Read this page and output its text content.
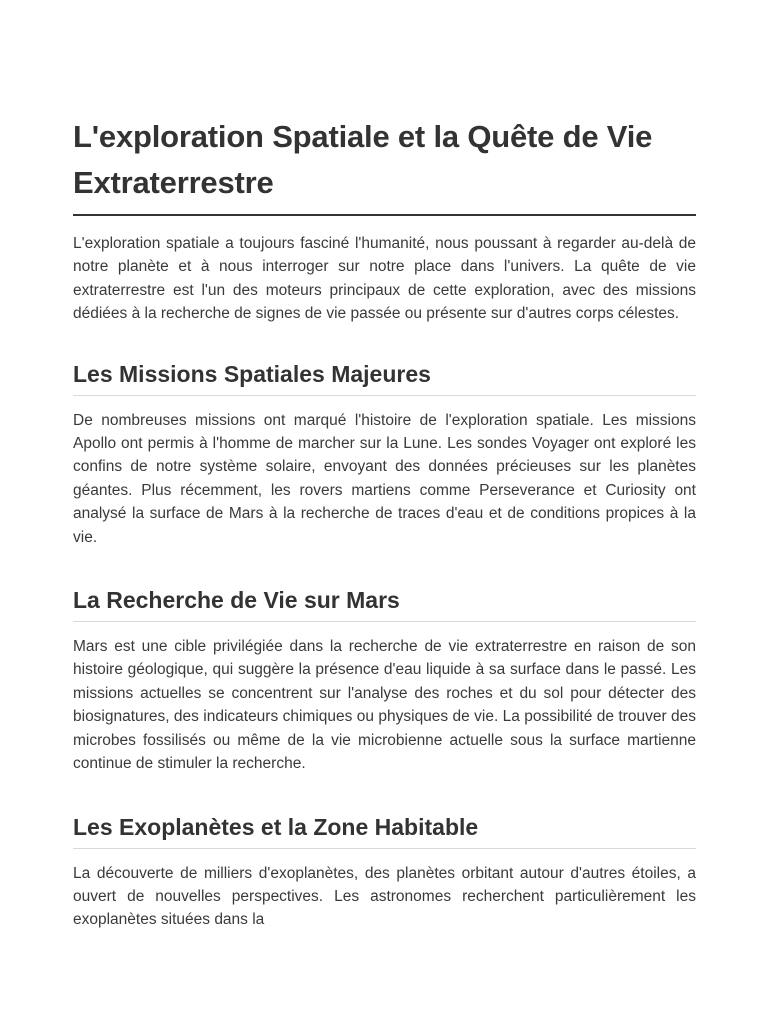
L'exploration Spatiale et la Quête de Vie Extraterrestre

L'exploration spatiale a toujours fasciné l'humanité, nous poussant à regarder au-delà de notre planète et à nous interroger sur notre place dans l'univers. La quête de vie extraterrestre est l'un des moteurs principaux de cette exploration, avec des missions dédiées à la recherche de signes de vie passée ou présente sur d'autres corps célestes.

Les Missions Spatiales Majeures

De nombreuses missions ont marqué l'histoire de l'exploration spatiale. Les missions Apollo ont permis à l'homme de marcher sur la Lune. Les sondes Voyager ont exploré les confins de notre système solaire, envoyant des données précieuses sur les planètes géantes. Plus récemment, les rovers martiens comme Perseverance et Curiosity ont analysé la surface de Mars à la recherche de traces d'eau et de conditions propices à la vie.

La Recherche de Vie sur Mars

Mars est une cible privilégiée dans la recherche de vie extraterrestre en raison de son histoire géologique, qui suggère la présence d'eau liquide à sa surface dans le passé. Les missions actuelles se concentrent sur l'analyse des roches et du sol pour détecter des biosignatures, des indicateurs chimiques ou physiques de vie. La possibilité de trouver des microbes fossilisés ou même de la vie microbienne actuelle sous la surface martienne continue de stimuler la recherche.

Les Exoplanètes et la Zone Habitable

La découverte de milliers d'exoplanètes, des planètes orbitant autour d'autres étoiles, a ouvert de nouvelles perspectives. Les astronomes recherchent particulièrement les exoplanètes situées dans la
